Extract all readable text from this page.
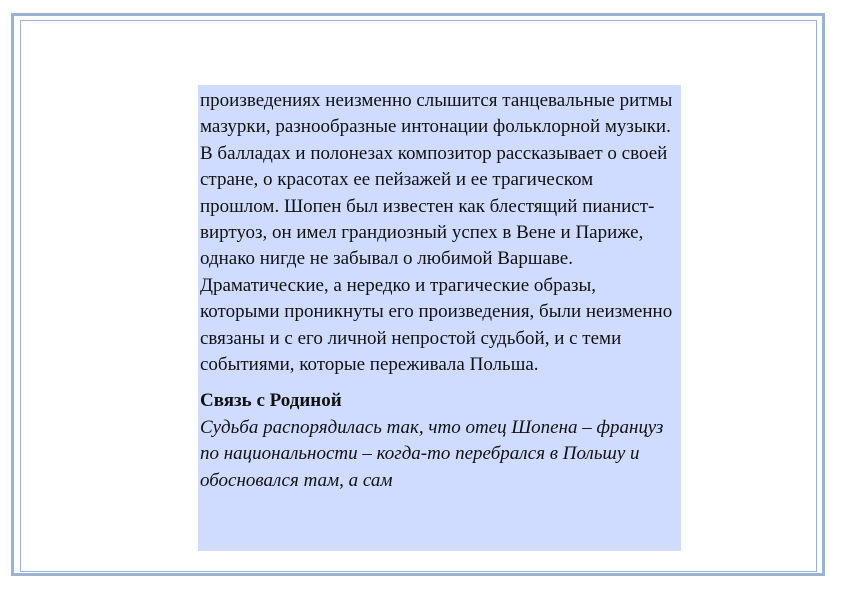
произведениях неизменно слышится танцевальные ритмы мазурки, разнообразные интонации фольклорной музыки. В балладах и полонезах композитор рассказывает о своей стране, о красотах ее пейзажей и ее трагическом прошлом. Шопен был известен как блестящий пианист-виртуоз, он имел грандиозный успех в Вене и Париже, однако нигде не забывал о любимой Варшаве. Драматические, а нередко и трагические образы, которыми проникнуты его произведения, были неизменно связаны и с его личной непростой судьбой, и с теми событиями, которые переживала Польша.

Связь с Родиной

Судьба распорядилась так, что отец Шопена – француз по национальности – когда-то перебрался в Польшу и обосновался там, а сам
